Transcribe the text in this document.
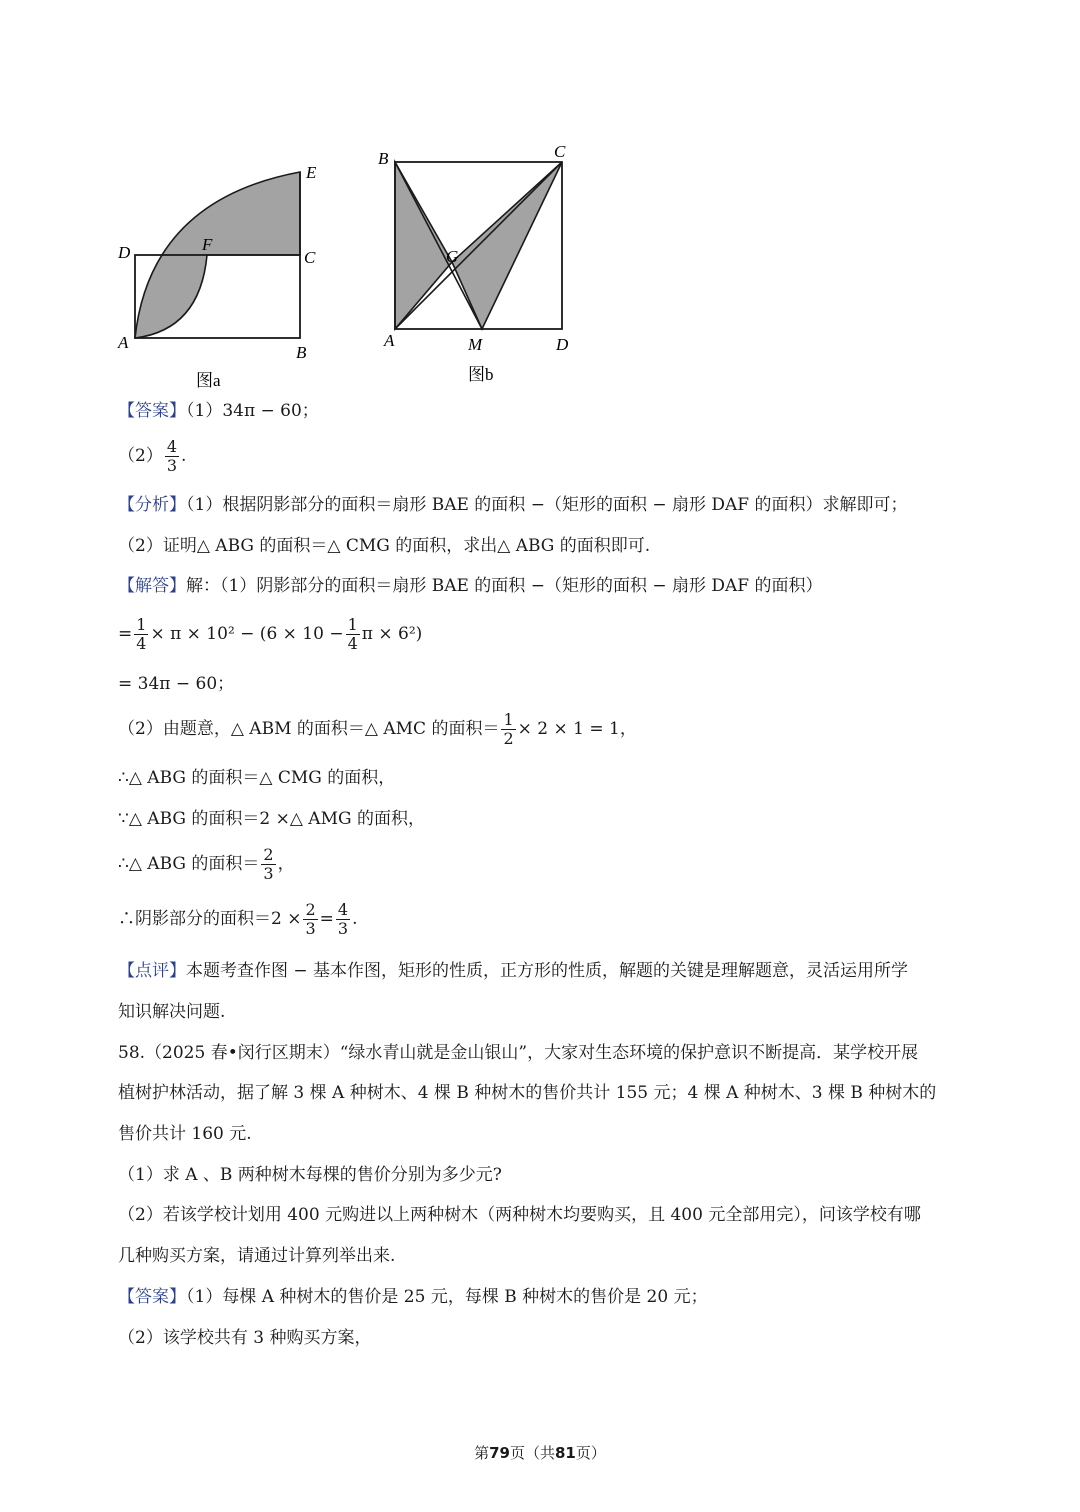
E
D	F
C
A
B
图a
B	C
G
A	M	D
图b
【答案】（1）34π − 60；
$(2) \frac{4}{3}$ .
【分析】（1）根据阴影部分的面积＝扇形 BAE 的面积 −（矩形的面积 − 扇形 DAF 的面积）求解即可；
（2）证明△ ABG 的面积＝△ CMG 的面积，求出△ ABG 的面积即可.
【解答】解：（1）阴影部分的面积＝扇形 BAE 的面积 −（矩形的面积 − 扇形 DAF 的面积）
= $\frac{1}{4} \times \pi \times 10^2 - (6 \times 10 - \frac{1}{4}$ π × 6²)
= 34π − 60；
（2）由题意，△ ABM 的面积＝△ AMC 的面积＝ $\frac{1}{2} \times 2 \times 1 = 1$，
∴△ ABG 的面积＝△ CMG 的面积，
∵△ ABG 的面积＝2 ×△ AMG 的面积，
∴△ ABG 的面积＝ $\frac{2}{3}$ ，
∴阴影部分的面积$=2 \times \frac{2}{3} = \frac{4}{3}$ .
【点评】本题考查作图 − 基本作图，矩形的性质，正方形的性质，解题的关键是理解题意，灵活运用所学
知识解决问题.
58.（2025 春•闵行区期末）“绿水青山就是金山银山”，大家对生态环境的保护意识不断提高．某学校开展
植树护林活动，据了解 3 棵 A 种树木、4 棵 B 种树木的售价共计 155 元；4 棵 A 种树木、3 棵 B 种树木的
售价共计 160 元.
（1）求 A 、B 两种树木每棵的售价分别为多少元?
（2）若该学校计划用 400 元购进以上两种树木（两种树木均要购买，且 400 元全部用完），问该学校有哪
几种购买方案，请通过计算列举出来.
【答案】（1）每棵 A 种树木的售价是 25 元，每棵 B 种树木的售价是 20 元；
（2）该学校共有 3 种购买方案，
第79页（共81页）
